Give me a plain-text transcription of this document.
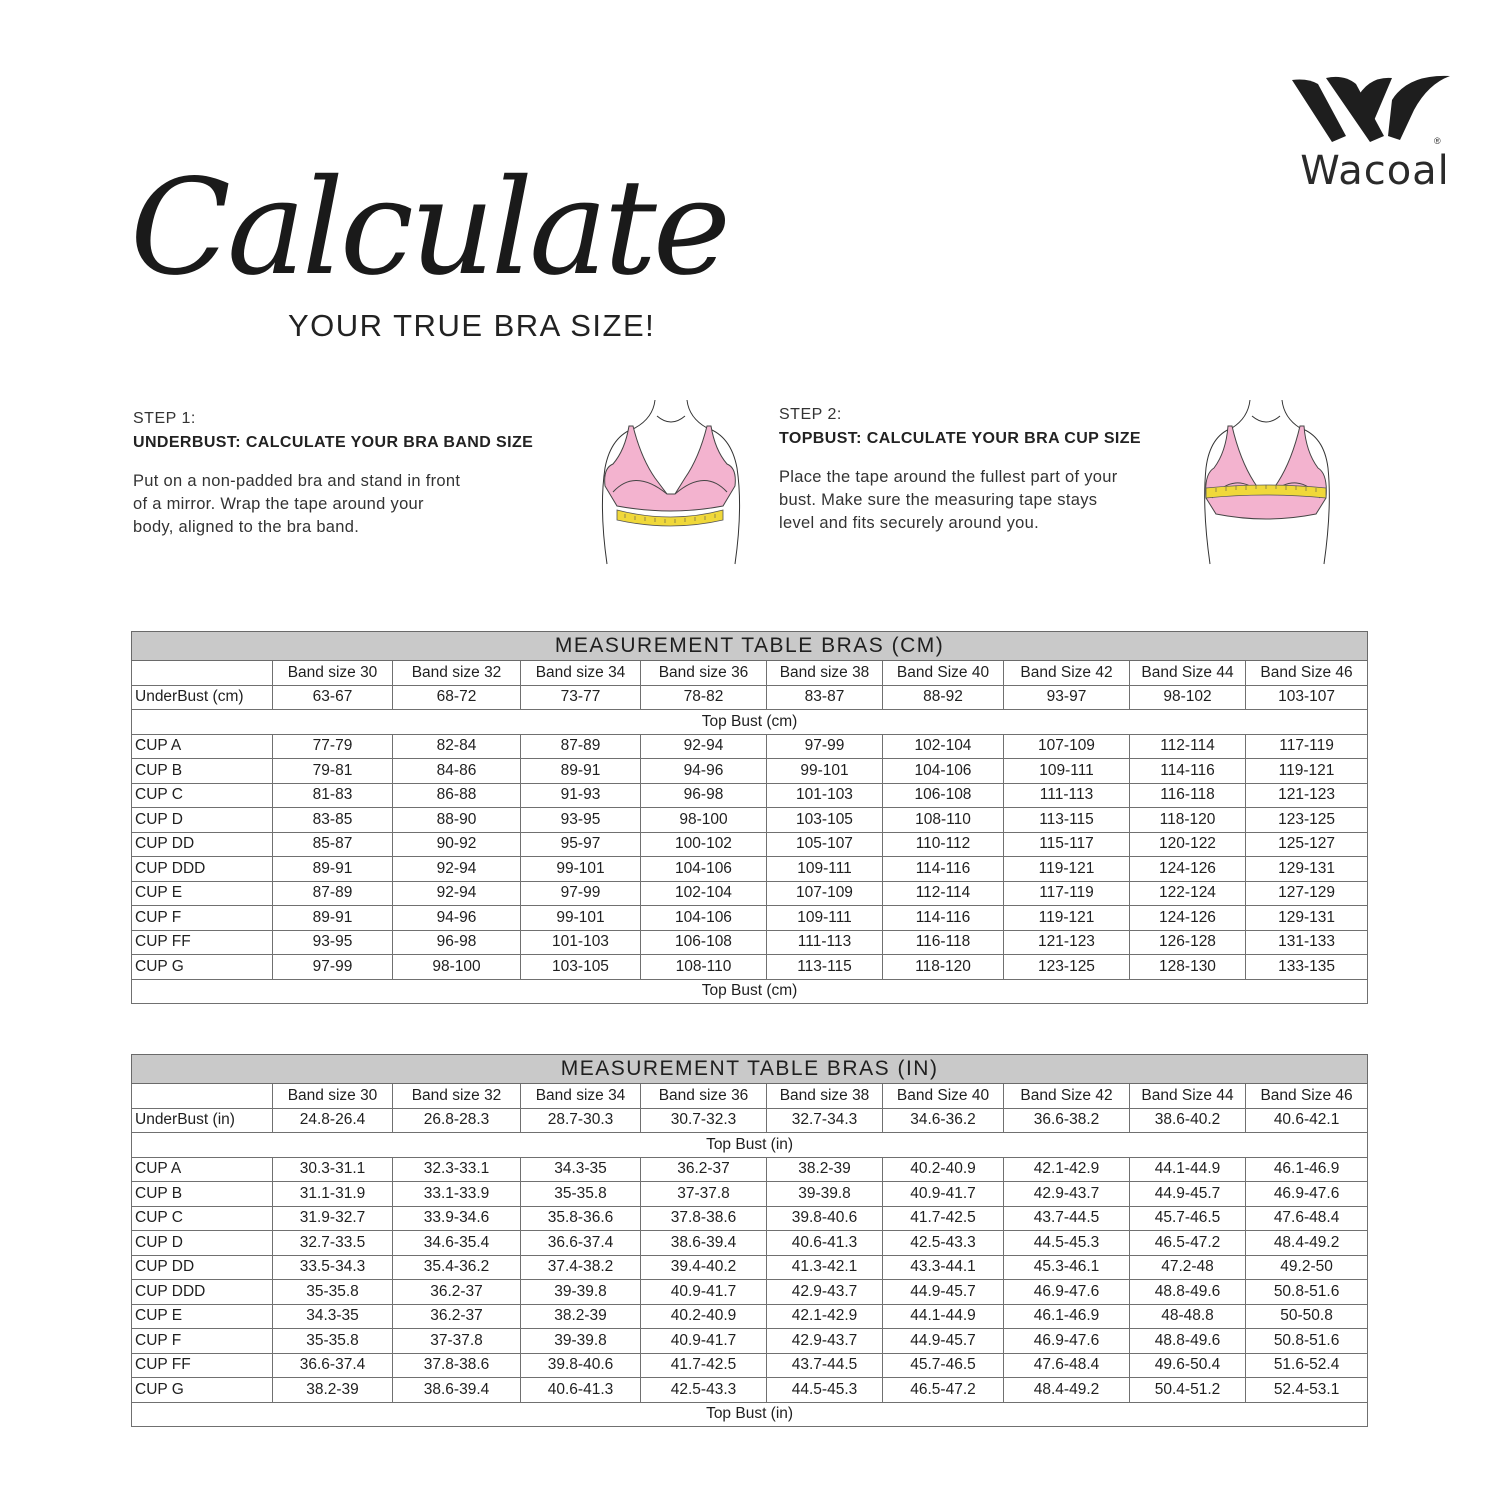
®
Wacoal
Calculate
YOUR TRUE BRA SIZE!
STEP 1:
UNDERBUST: CALCULATE YOUR BRA BAND SIZE
Put on a non-padded bra and stand in front
of a mirror. Wrap the tape around your
body, aligned to the bra band.
STEP 2:
TOPBUST: CALCULATE YOUR BRA CUP SIZE
Place the tape around the fullest part of your
bust. Make sure the measuring tape stays
level and fits securely around you.
MEASUREMENT TABLE BRAS (CM)									
	Band size 30	Band size 32	Band size 34	Band size 36	Band size 38	Band Size 40	Band Size 42	Band Size 44	Band Size 46
UnderBust (cm)	63-67	68-72	73-77	78-82	83-87	88-92	93-97	98-102	103-107
Top Bust (cm)									
CUP A	77-79	82-84	87-89	92-94	97-99	102-104	107-109	112-114	117-119
CUP B	79-81	84-86	89-91	94-96	99-101	104-106	109-111	114-116	119-121
CUP C	81-83	86-88	91-93	96-98	101-103	106-108	111-113	116-118	121-123
CUP D	83-85	88-90	93-95	98-100	103-105	108-110	113-115	118-120	123-125
CUP DD	85-87	90-92	95-97	100-102	105-107	110-112	115-117	120-122	125-127
CUP DDD	89-91	92-94	99-101	104-106	109-111	114-116	119-121	124-126	129-131
CUP E	87-89	92-94	97-99	102-104	107-109	112-114	117-119	122-124	127-129
CUP F	89-91	94-96	99-101	104-106	109-111	114-116	119-121	124-126	129-131
CUP FF	93-95	96-98	101-103	106-108	111-113	116-118	121-123	126-128	131-133
CUP G	97-99	98-100	103-105	108-110	113-115	118-120	123-125	128-130	133-135
Top Bust (cm)									
MEASUREMENT TABLE BRAS (IN)									
	Band size 30	Band size 32	Band size 34	Band size 36	Band size 38	Band Size 40	Band Size 42	Band Size 44	Band Size 46
UnderBust (in)	24.8-26.4	26.8-28.3	28.7-30.3	30.7-32.3	32.7-34.3	34.6-36.2	36.6-38.2	38.6-40.2	40.6-42.1
Top Bust (in)									
CUP A	30.3-31.1	32.3-33.1	34.3-35	36.2-37	38.2-39	40.2-40.9	42.1-42.9	44.1-44.9	46.1-46.9
CUP B	31.1-31.9	33.1-33.9	35-35.8	37-37.8	39-39.8	40.9-41.7	42.9-43.7	44.9-45.7	46.9-47.6
CUP C	31.9-32.7	33.9-34.6	35.8-36.6	37.8-38.6	39.8-40.6	41.7-42.5	43.7-44.5	45.7-46.5	47.6-48.4
CUP D	32.7-33.5	34.6-35.4	36.6-37.4	38.6-39.4	40.6-41.3	42.5-43.3	44.5-45.3	46.5-47.2	48.4-49.2
CUP DD	33.5-34.3	35.4-36.2	37.4-38.2	39.4-40.2	41.3-42.1	43.3-44.1	45.3-46.1	47.2-48	49.2-50
CUP DDD	35-35.8	36.2-37	39-39.8	40.9-41.7	42.9-43.7	44.9-45.7	46.9-47.6	48.8-49.6	50.8-51.6
CUP E	34.3-35	36.2-37	38.2-39	40.2-40.9	42.1-42.9	44.1-44.9	46.1-46.9	48-48.8	50-50.8
CUP F	35-35.8	37-37.8	39-39.8	40.9-41.7	42.9-43.7	44.9-45.7	46.9-47.6	48.8-49.6	50.8-51.6
CUP FF	36.6-37.4	37.8-38.6	39.8-40.6	41.7-42.5	43.7-44.5	45.7-46.5	47.6-48.4	49.6-50.4	51.6-52.4
CUP G	38.2-39	38.6-39.4	40.6-41.3	42.5-43.3	44.5-45.3	46.5-47.2	48.4-49.2	50.4-51.2	52.4-53.1
Top Bust (in)									
